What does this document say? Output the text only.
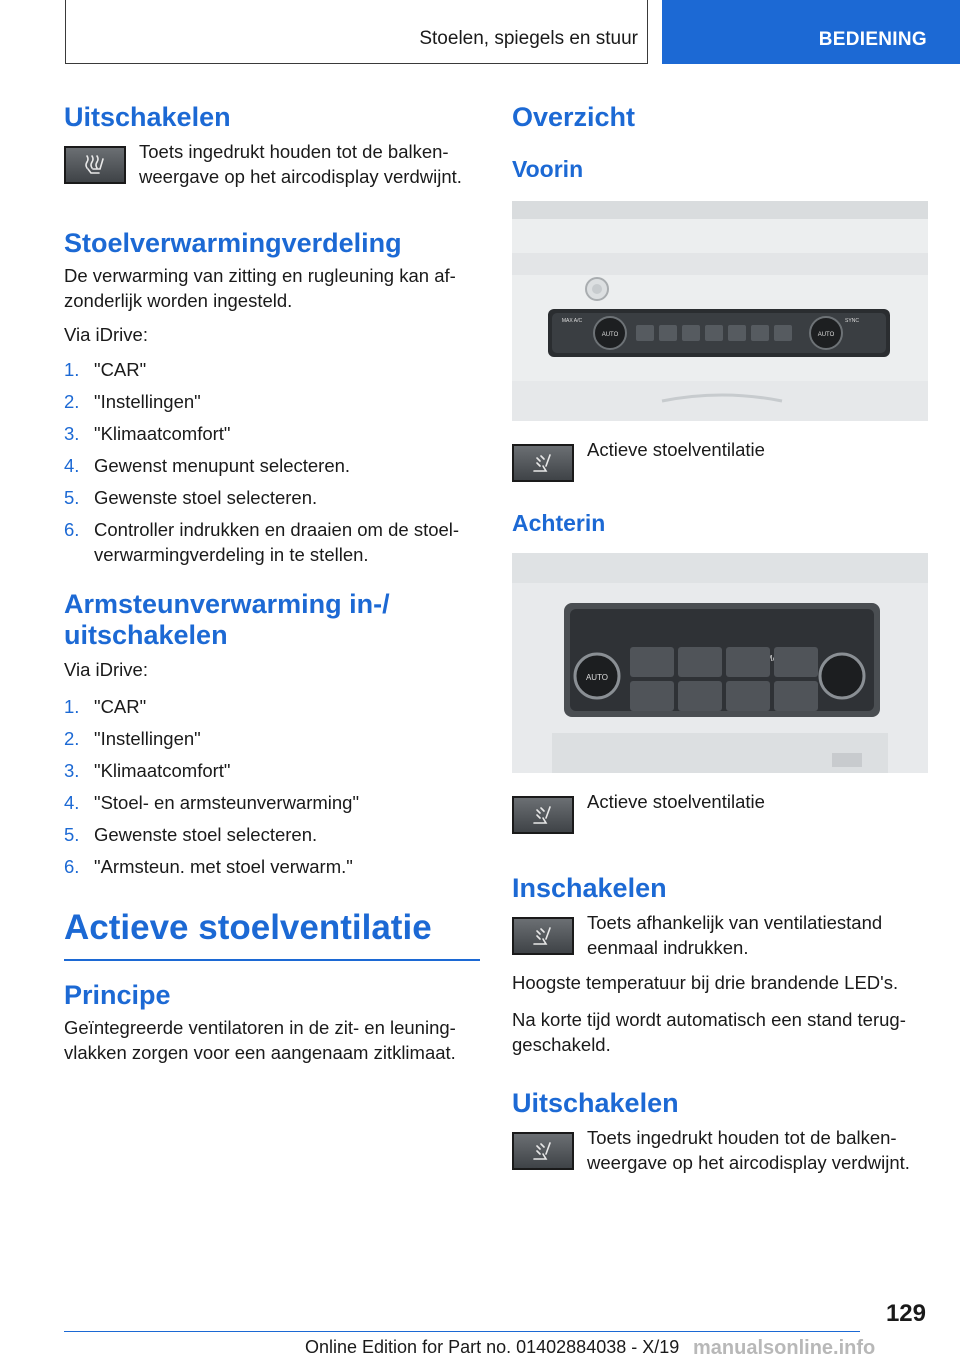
Stoelen, spiegels en stuur	BEDIENING
Uitschakelen
Toets ingedrukt houden tot de balkenweergave op het aircodisplay verdwijnt.
Stoelverwarmingverdeling

De verwarming van zitting en rugleuning kan afzonderlijk worden ingesteld.

Via iDrive:

1. "CAR"
2. "Instellingen"
3. "Klimaatcomfort"
4. Gewenst menupunt selecteren.
5. Gewenste stoel selecteren.
6. Controller indrukken en draaien om de stoelverwarmingverdeling in te stellen.
Armsteunverwarming in-/ uitschakelen

Via iDrive:

1. "CAR"
2. "Instellingen"
3. "Klimaatcomfort"
4. "Stoel- en armsteunverwarming"
5. Gewenste stoel selecteren.
6. "Armsteun. met stoel verwarm."
Actieve stoelventilatie
Principe

Geïntegreerde ventilatoren in de zit- en leuningvlakken zorgen voor een aangenaam zitklimaat.

Overzicht
Voorin
AUTO	AUTO
SYNC
MAX A/C
Actieve stoelventilatie
Achterin
AUTO
Actieve stoelventilatie
Inschakelen
Toets afhankelijk van ventilatiestand eenmaal indrukken.

Hoogste temperatuur bij drie brandende LED's.

Na korte tijd wordt automatisch een stand teruggeschakeld.

Uitschakelen
Toets ingedrukt houden tot de balkenweergave op het aircodisplay verdwijnt.
129
Online Edition for Part no. 01402884038 - X/19 manualsonline.info
